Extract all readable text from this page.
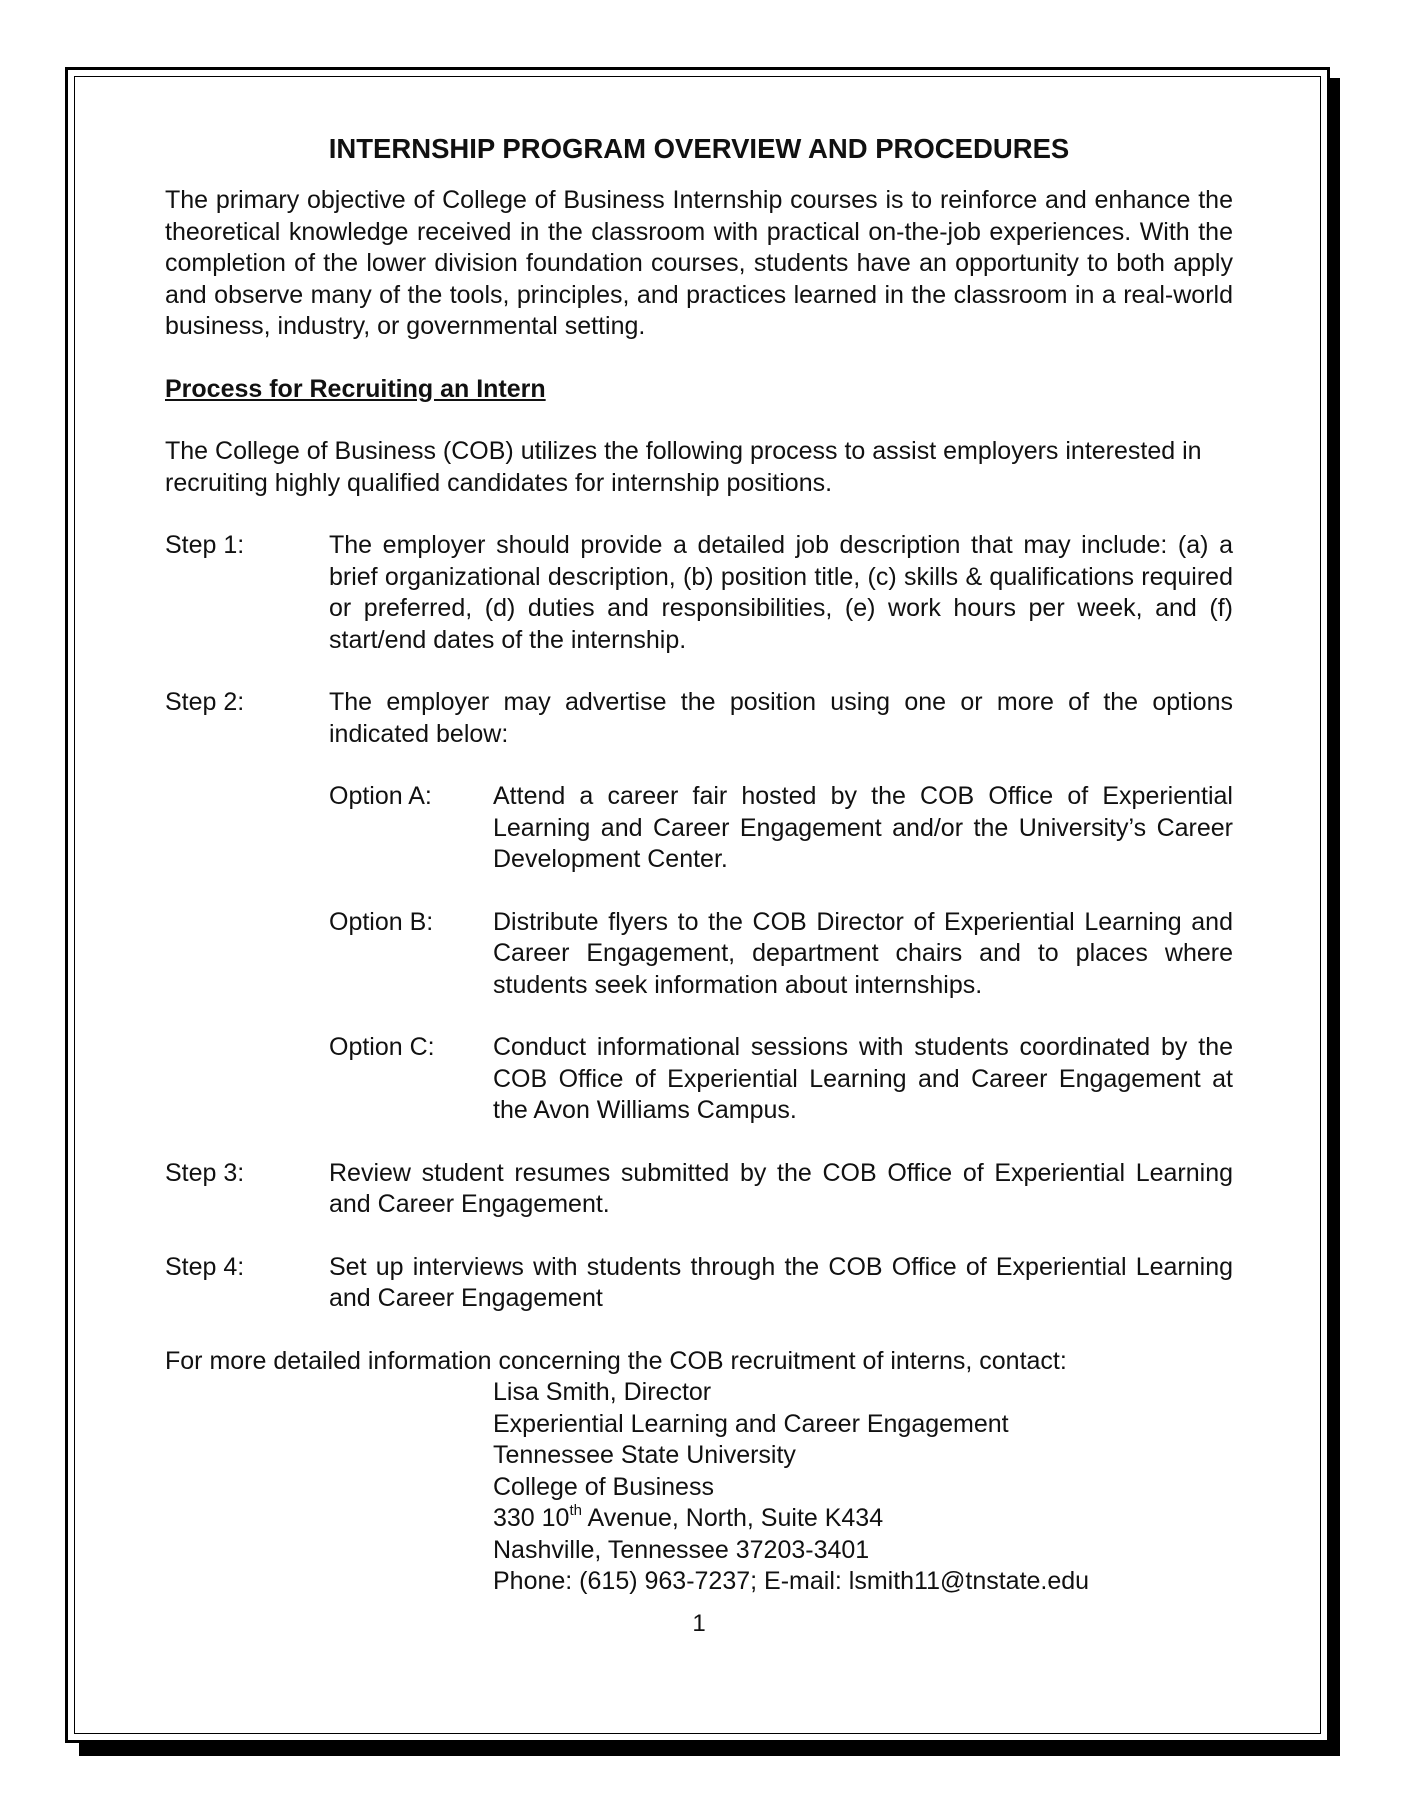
INTERNSHIP PROGRAM OVERVIEW AND PROCEDURES

The primary objective of College of Business Internship courses is to reinforce and enhance the theoretical knowledge received in the classroom with practical on-the-job experiences. With the completion of the lower division foundation courses, students have an opportunity to both apply and observe many of the tools, principles, and practices learned in the classroom in a real-world business, industry, or governmental setting.

Process for Recruiting an Intern

The College of Business (COB) utilizes the following process to assist employers interested in recruiting highly qualified candidates for internship positions.

Step 1:	The employer should provide a detailed job description that may include: (a) a brief organizational description, (b) position title, (c) skills & qualifications required or preferred, (d) duties and responsibilities, (e) work hours per week, and (f) start/end dates of the internship.

Step 2:	The employer may advertise the position using one or more of the options indicated below:

Option A: Attend a career fair hosted by the COB Office of Experiential Learning and Career Engagement and/or the University’s Career Development Center.

Option B: Distribute flyers to the COB Director of Experiential Learning and Career Engagement, department chairs and to places where students seek information about internships.

Option C: Conduct informational sessions with students coordinated by the COB Office of Experiential Learning and Career Engagement at the Avon Williams Campus.

Step 3:	Review student resumes submitted by the COB Office of Experiential Learning and Career Engagement.

Step 4:	Set up interviews with students through the COB Office of Experiential Learning and Career Engagement

For more detailed information concerning the COB recruitment of interns, contact:

Lisa Smith, Director

Experiential Learning and Career Engagement

Tennessee State University

College of Business

330 10th Avenue, North, Suite K434

Nashville, Tennessee 37203-3401

Phone: (615) 963-7237; E-mail: lsmith11@tnstate.edu

1
